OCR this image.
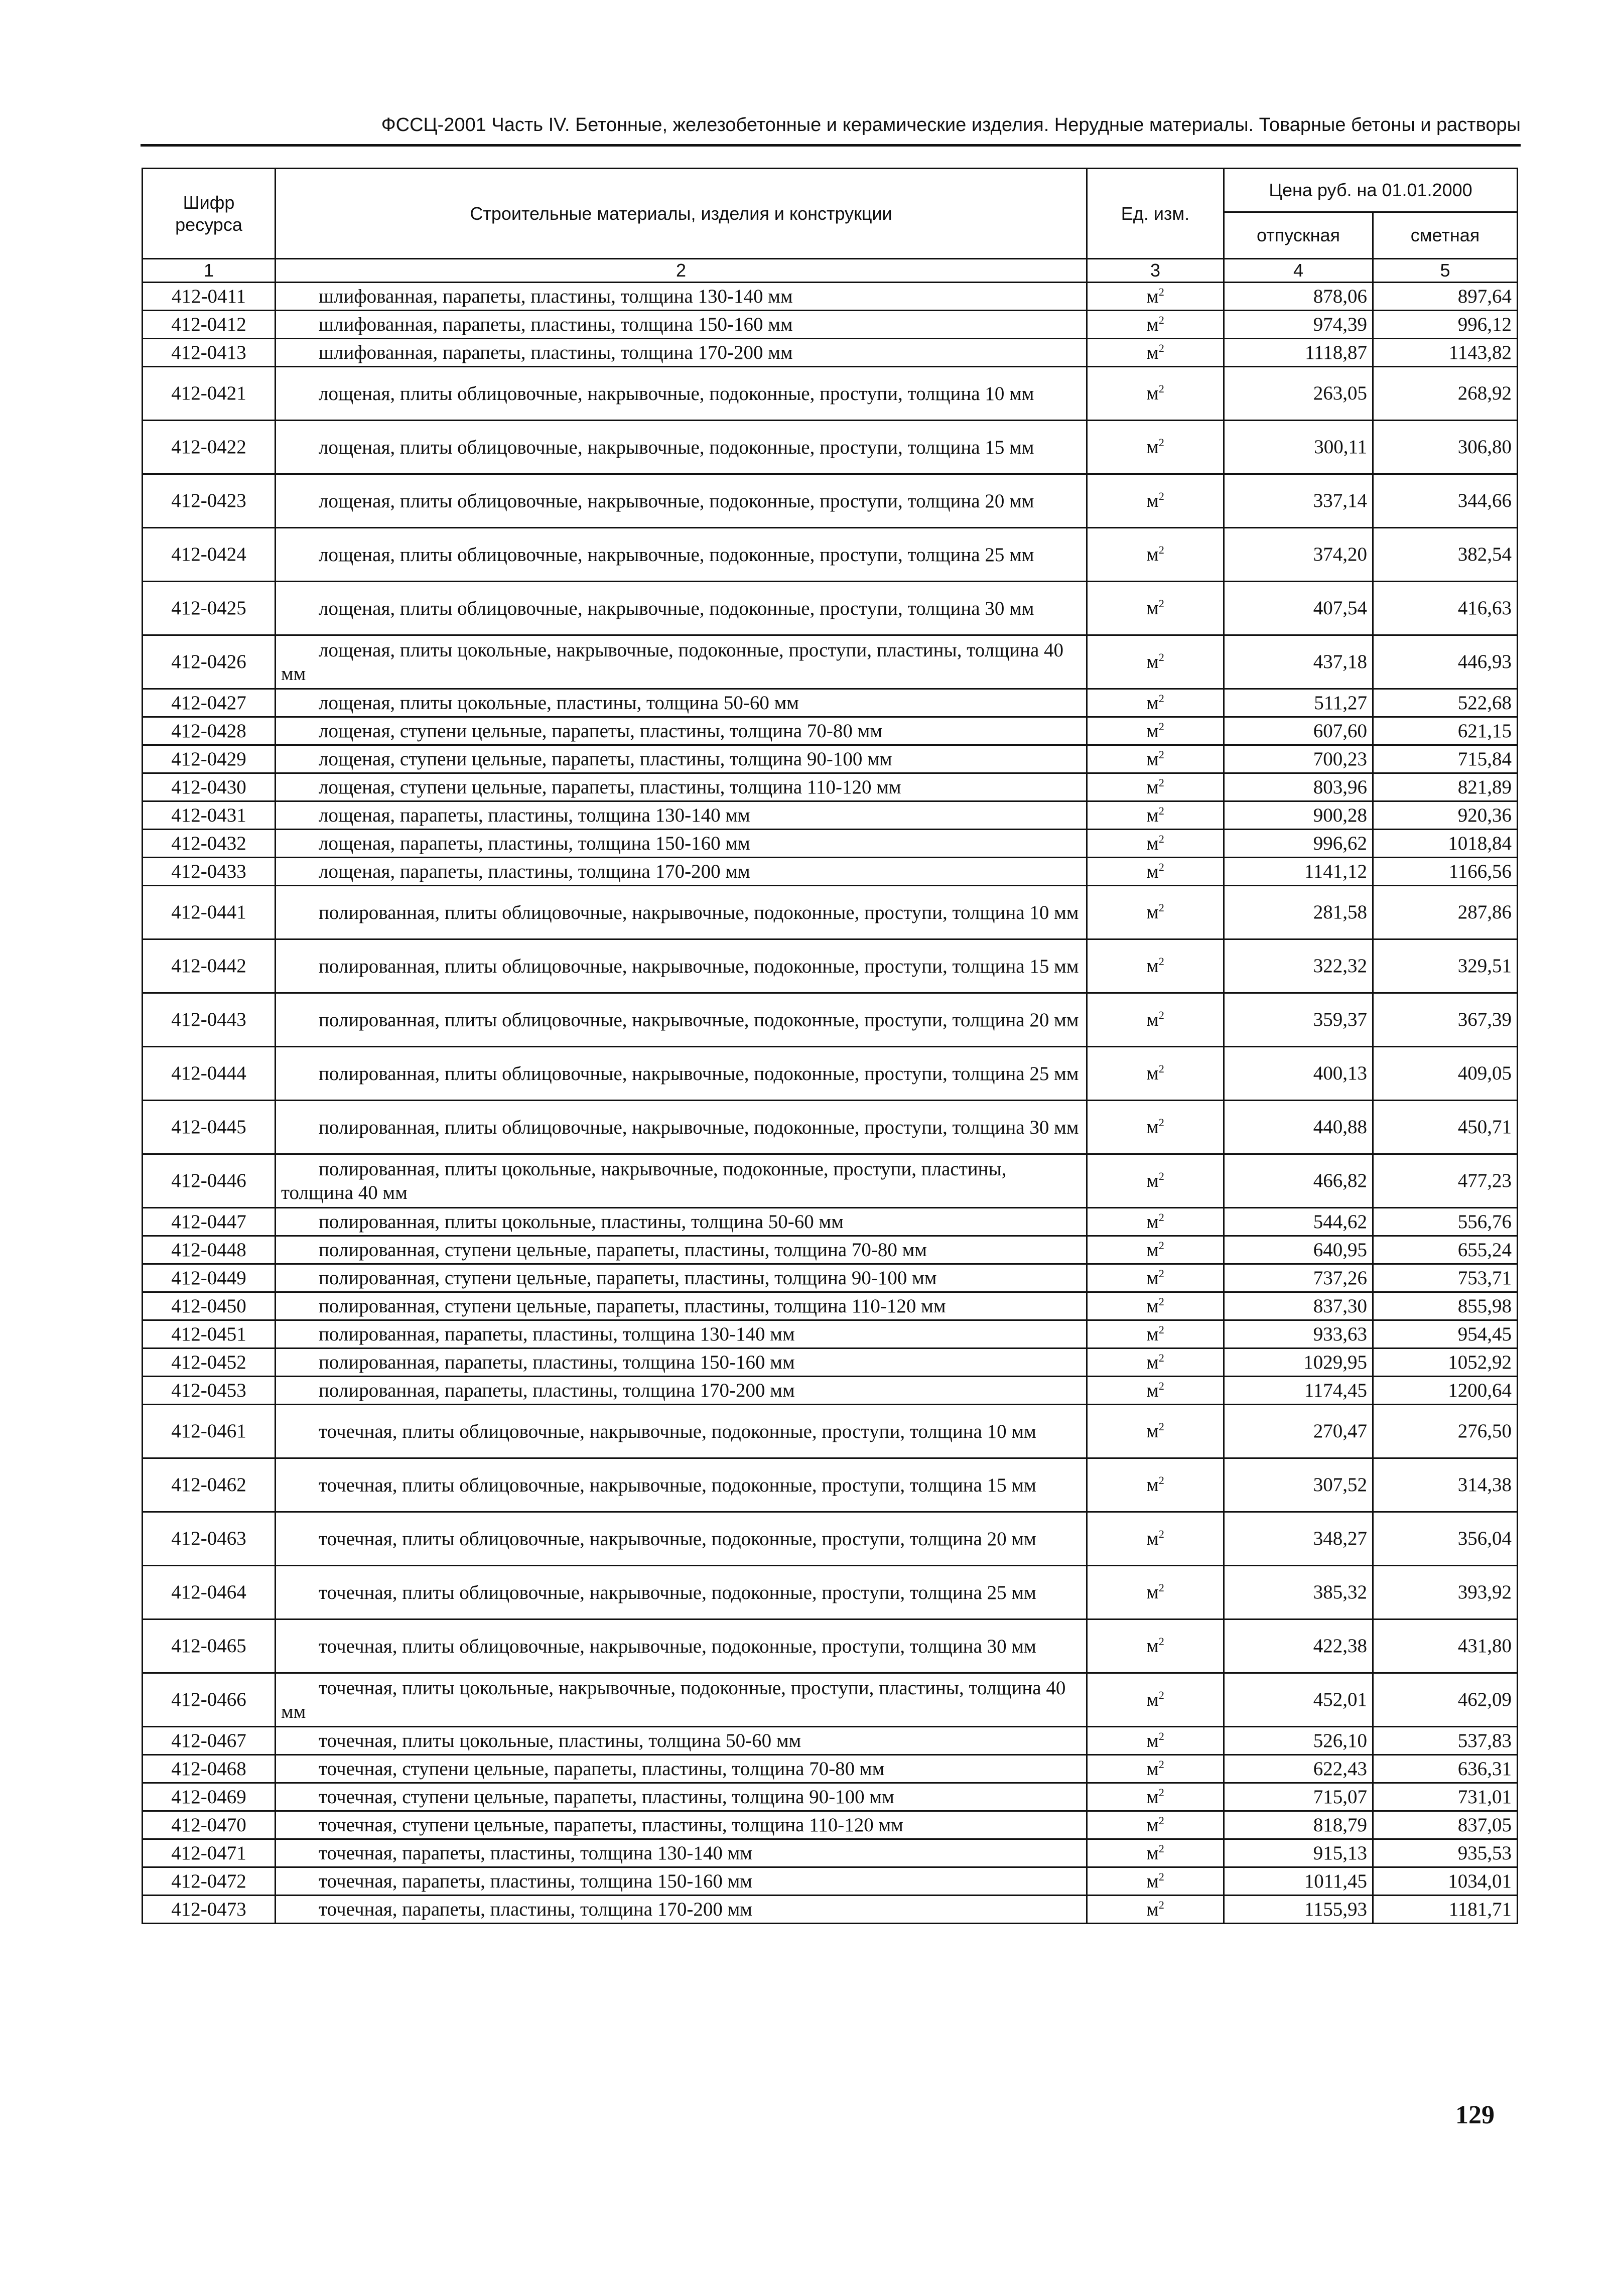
ФССЦ-2001 Часть IV. Бетонные, железобетонные и керамические изделия. Нерудные материалы. Товарные бетоны и растворы
Шифр ресурса	Строительные материалы, изделия и конструкции	Ед. изм.	Цена руб. на 01.01.2000	
			отпускная	сметная
1	2	3	4	5
412-0411	шлифованная, парапеты, пластины, толщина 130-140 мм	$м^2$	878,06	897,64
412-0412	шлифованная, парапеты, пластины, толщина 150-160 мм	$м^2$	974,39	996,12
412-0413	шлифованная, парапеты, пластины, толщина 170-200 мм	$м^2$	1118,87	1143,82
412-0421	лощеная, плиты облицовочные, накрывочные, подоконные, проступи, толщина 10 мм	$м^2$	263,05	268,92
412-0422	лощеная, плиты облицовочные, накрывочные, подоконные, проступи, толщина 15 мм	$м^2$	300,11	306,80
412-0423	лощеная, плиты облицовочные, накрывочные, подоконные, проступи, толщина 20 мм	$м^2$	337,14	344,66
412-0424	лощеная, плиты облицовочные, накрывочные, подоконные, проступи, толщина 25 мм	$м^2$	374,20	382,54
412-0425	лощеная, плиты облицовочные, накрывочные, подоконные, проступи, толщина 30 мм	$м^2$	407,54	416,63
412-0426	лощеная, плиты цокольные, накрывочные, подоконные, проступи, пластины, толщина 40 мм	$м^2$	437,18	446,93
412-0427	лощеная, плиты цокольные, пластины, толщина 50-60 мм	$м^2$	511,27	522,68
412-0428	лощеная, ступени цельные, парапеты, пластины, толщина 70-80 мм	$м^2$	607,60	621,15
412-0429	лощеная, ступени цельные, парапеты, пластины, толщина 90-100 мм	$м^2$	700,23	715,84
412-0430	лощеная, ступени цельные, парапеты, пластины, толщина 110-120 мм	$м^2$	803,96	821,89
412-0431	лощеная, парапеты, пластины, толщина 130-140 мм	$м^2$	900,28	920,36
412-0432	лощеная, парапеты, пластины, толщина 150-160 мм	$м^2$	996,62	1018,84
412-0433	лощеная, парапеты, пластины, толщина 170-200 мм	$м^2$	1141,12	1166,56
412-0441	полированная, плиты облицовочные, накрывочные, подоконные, проступи, толщина 10 мм	$м^2$	281,58	287,86
412-0442	полированная, плиты облицовочные, накрывочные, подоконные, проступи, толщина 15 мм	$м^2$	322,32	329,51
412-0443	полированная, плиты облицовочные, накрывочные, подоконные, проступи, толщина 20 мм	$м^2$	359,37	367,39
412-0444	полированная, плиты облицовочные, накрывочные, подоконные, проступи, толщина 25 мм	$м^2$	400,13	409,05
412-0445	полированная, плиты облицовочные, накрывочные, подоконные, проступи, толщина 30 мм	$м^2$	440,88	450,71
412-0446	полированная, плиты цокольные, накрывочные, подоконные, проступи, пластины, толщина 40 мм	$м^2$	466,82	477,23
412-0447	полированная, плиты цокольные, пластины, толщина 50-60 мм	$м^2$	544,62	556,76
412-0448	полированная, ступени цельные, парапеты, пластины, толщина 70-80 мм	$м^2$	640,95	655,24
412-0449	полированная, ступени цельные, парапеты, пластины, толщина 90-100 мм	$м^2$	737,26	753,71
412-0450	полированная, ступени цельные, парапеты, пластины, толщина 110-120 мм	$м^2$	837,30	855,98
412-0451	полированная, парапеты, пластины, толщина 130-140 мм	$м^2$	933,63	954,45
412-0452	полированная, парапеты, пластины, толщина 150-160 мм	$м^2$	1029,95	1052,92
412-0453	полированная, парапеты, пластины, толщина 170-200 мм	$м^2$	1174,45	1200,64
412-0461	точечная, плиты облицовочные, накрывочные, подоконные, проступи, толщина 10 мм	$м^2$	270,47	276,50
412-0462	точечная, плиты облицовочные, накрывочные, подоконные, проступи, толщина 15 мм	$м^2$	307,52	314,38
412-0463	точечная, плиты облицовочные, накрывочные, подоконные, проступи, толщина 20 мм	$м^2$	348,27	356,04
412-0464	точечная, плиты облицовочные, накрывочные, подоконные, проступи, толщина 25 мм	$м^2$	385,32	393,92
412-0465	точечная, плиты облицовочные, накрывочные, подоконные, проступи, толщина 30 мм	$м^2$	422,38	431,80
412-0466	точечная, плиты цокольные, накрывочные, подоконные, проступи, пластины, толщина 40 мм	$м^2$	452,01	462,09
412-0467	точечная, плиты цокольные, пластины, толщина 50-60 мм	$м^2$	526,10	537,83
412-0468	точечная, ступени цельные, парапеты, пластины, толщина 70-80 мм	$м^2$	622,43	636,31
412-0469	точечная, ступени цельные, парапеты, пластины, толщина 90-100 мм	$м^2$	715,07	731,01
412-0470	точечная, ступени цельные, парапеты, пластины, толщина 110-120 мм	$м^2$	818,79	837,05
412-0471	точечная, парапеты, пластины, толщина 130-140 мм	$м^2$	915,13	935,53
412-0472	точечная, парапеты, пластины, толщина 150-160 мм	$м^2$	1011,45	1034,01
412-0473	точечная, парапеты, пластины, толщина 170-200 мм	$м^2$	1155,93	1181,71
129
